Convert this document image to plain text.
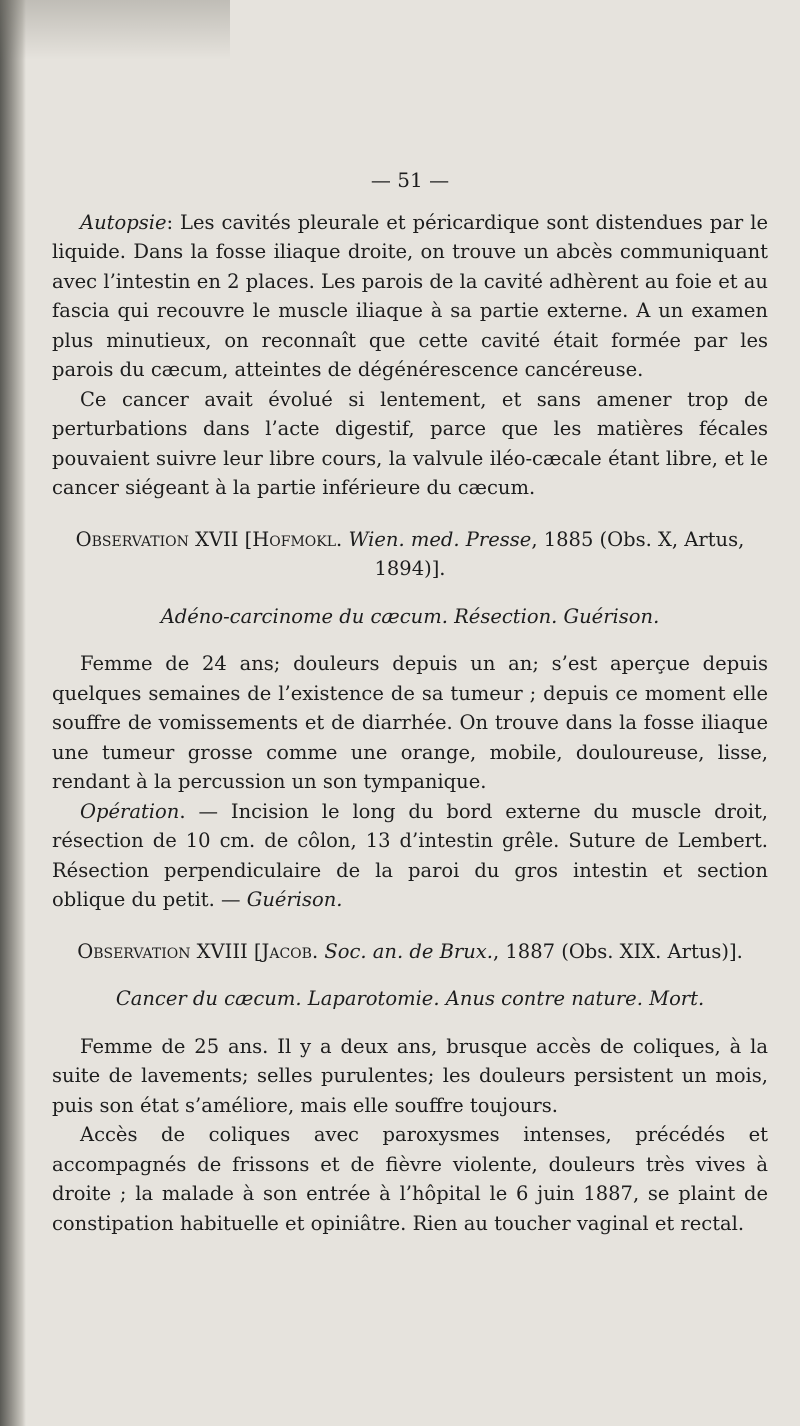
— 51 —

Autopsie: Les cavités pleurale et péricardique sont distendues par le liquide. Dans la fosse iliaque droite, on trouve un abcès communiquant avec l’intestin en 2 places. Les parois de la cavité adhèrent au foie et au fascia qui recouvre le muscle iliaque à sa partie externe. A un examen plus minutieux, on reconnaît que cette cavité était formée par les parois du cæcum, atteintes de dégénérescence cancéreuse.

Ce cancer avait évolué si lentement, et sans amener trop de perturbations dans l’acte digestif, parce que les matières fécales pouvaient suivre leur libre cours, la valvule iléo-cæcale étant libre, et le cancer siégeant à la partie inférieure du cæcum.

Observation XVII [Hofmokl. Wien. med. Presse, 1885 (Obs. X, Artus, 1894)].

Adéno-carcinome du cæcum. Résection. Guérison.

Femme de 24 ans; douleurs depuis un an; s’est aperçue depuis quelques semaines de l’existence de sa tumeur ; depuis ce moment elle souffre de vomissements et de diarrhée. On trouve dans la fosse iliaque une tumeur grosse comme une orange, mobile, douloureuse, lisse, rendant à la percussion un son tympanique.

Opération. — Incision le long du bord externe du muscle droit, résection de 10 cm. de côlon, 13 d’intestin grêle. Suture de Lembert. Résection perpendiculaire de la paroi du gros intestin et section oblique du petit. — Guérison.

Observation XVIII [Jacob. Soc. an. de Brux., 1887 (Obs. XIX. Artus)].

Cancer du cæcum. Laparotomie. Anus contre nature. Mort.

Femme de 25 ans. Il y a deux ans, brusque accès de coliques, à la suite de lavements; selles purulentes; les douleurs persistent un mois, puis son état s’améliore, mais elle souffre toujours.

Accès de coliques avec paroxysmes intenses, précédés et accompagnés de frissons et de fièvre violente, douleurs très vives à droite ; la malade à son entrée à l’hôpital le 6 juin 1887, se plaint de constipation habituelle et opiniâtre. Rien au toucher vaginal et rectal.
